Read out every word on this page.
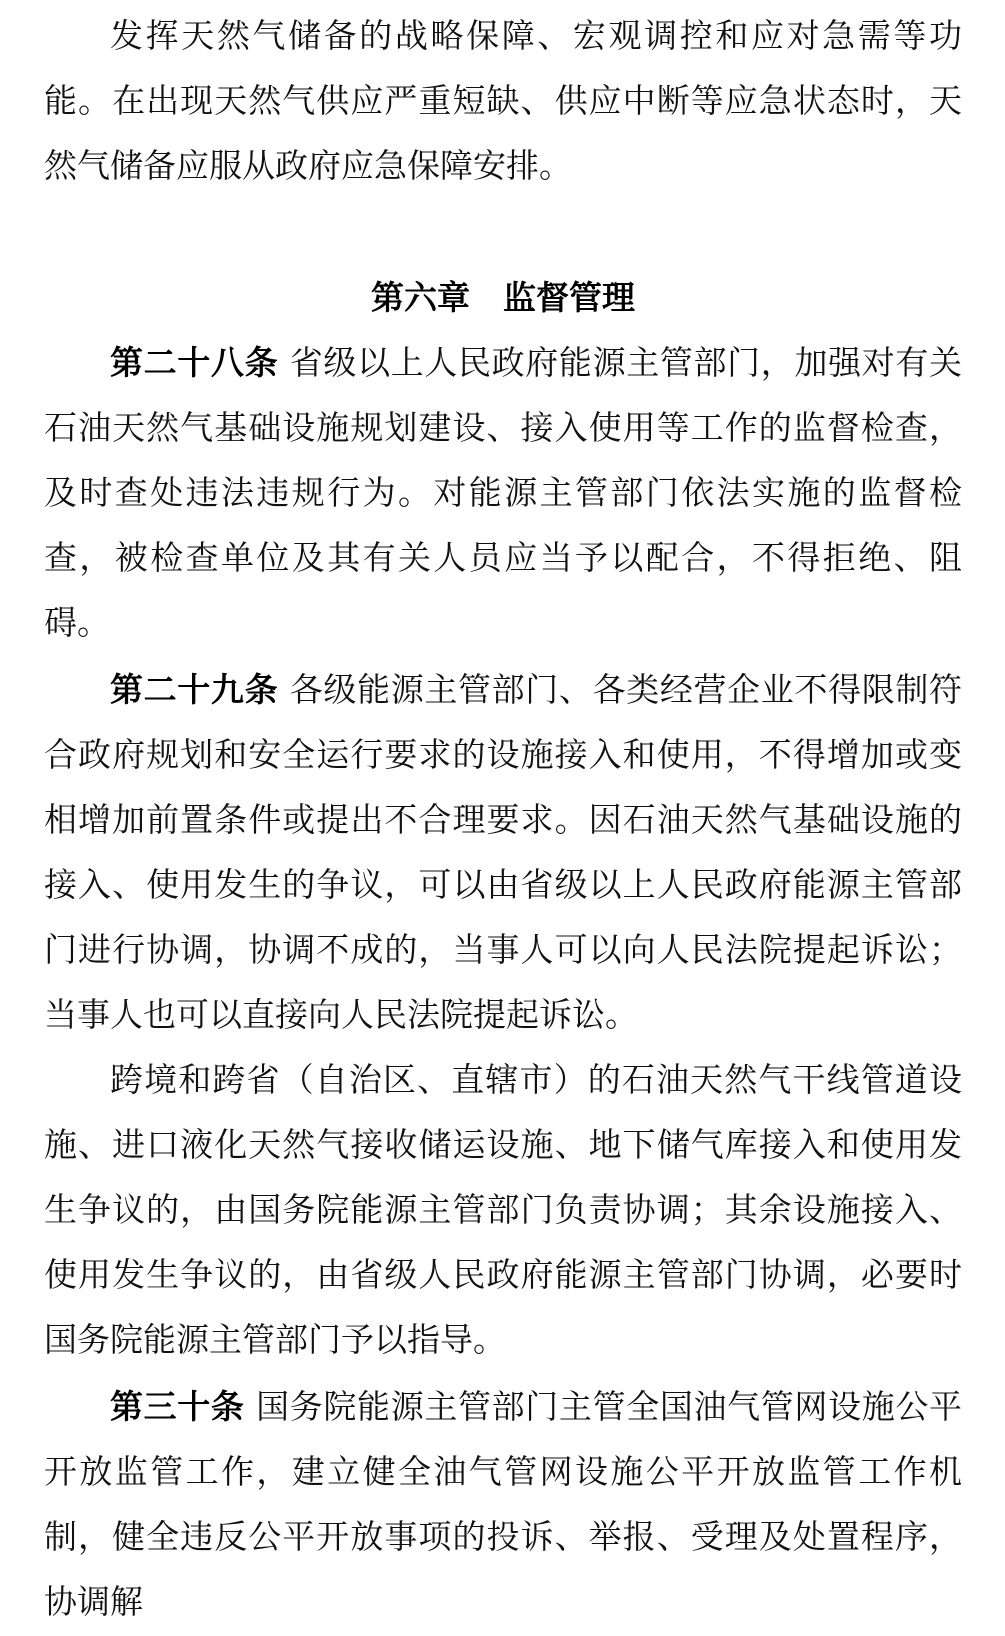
发挥天然气储备的战略保障、宏观调控和应对急需等功能。在出现天然气供应严重短缺、供应中断等应急状态时，天然气储备应服从政府应急保障安排。

第六章　监督管理

第二十八条 省级以上人民政府能源主管部门，加强对有关石油天然气基础设施规划建设、接入使用等工作的监督检查，及时查处违法违规行为。对能源主管部门依法实施的监督检查，被检查单位及其有关人员应当予以配合，不得拒绝、阻碍。

第二十九条 各级能源主管部门、各类经营企业不得限制符合政府规划和安全运行要求的设施接入和使用，不得增加或变相增加前置条件或提出不合理要求。因石油天然气基础设施的接入、使用发生的争议，可以由省级以上人民政府能源主管部门进行协调，协调不成的，当事人可以向人民法院提起诉讼；当事人也可以直接向人民法院提起诉讼。

跨境和跨省（自治区、直辖市）的石油天然气干线管道设施、进口液化天然气接收储运设施、地下储气库接入和使用发生争议的，由国务院能源主管部门负责协调；其余设施接入、使用发生争议的，由省级人民政府能源主管部门协调，必要时国务院能源主管部门予以指导。

第三十条 国务院能源主管部门主管全国油气管网设施公平开放监管工作，建立健全油气管网设施公平开放监管工作机制，健全违反公平开放事项的投诉、举报、受理及处置程序，协调解
